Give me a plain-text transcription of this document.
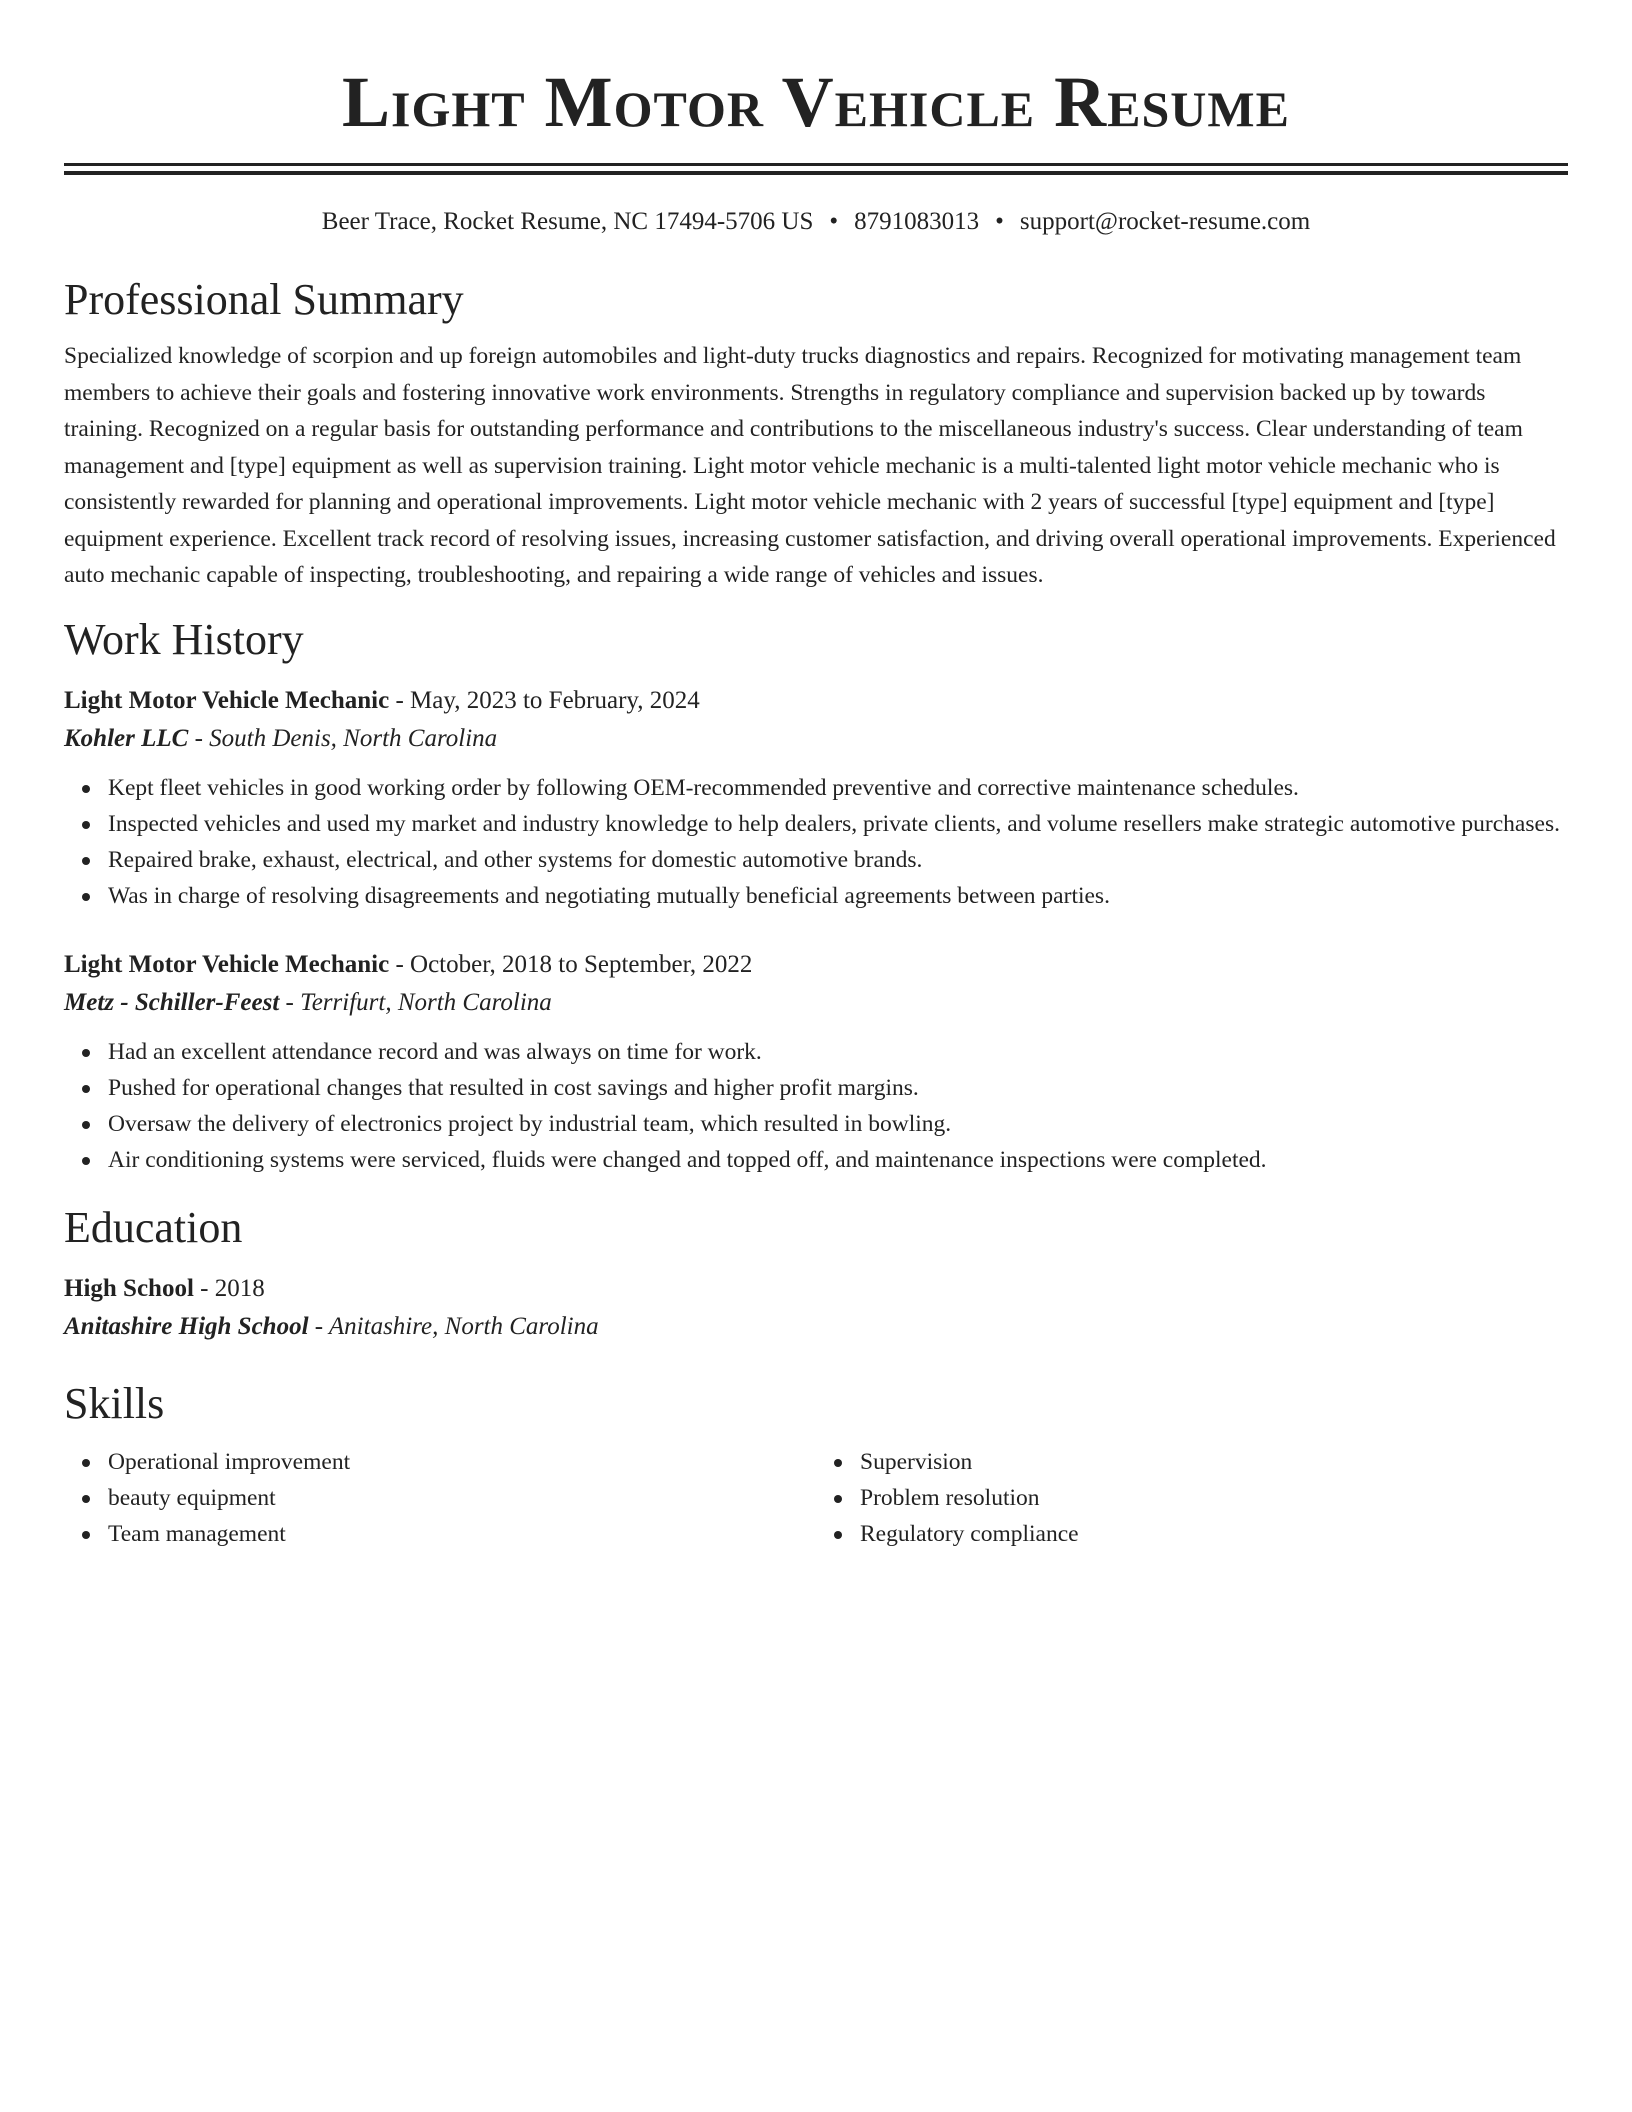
Light Motor Vehicle Resume
Beer Trace, Rocket Resume, NC 17494-5706 US • 8791083013 • support@rocket-resume.com
Professional Summary

Specialized knowledge of scorpion and up foreign automobiles and light-duty trucks diagnostics and repairs. Recognized for motivating management team members to achieve their goals and fostering innovative work environments. Strengths in regulatory compliance and supervision backed up by towards training. Recognized on a regular basis for outstanding performance and contributions to the miscellaneous industry's success. Clear understanding of team management and [type] equipment as well as supervision training. Light motor vehicle mechanic is a multi-talented light motor vehicle mechanic who is consistently rewarded for planning and operational improvements. Light motor vehicle mechanic with 2 years of successful [type] equipment and [type] equipment experience. Excellent track record of resolving issues, increasing customer satisfaction, and driving overall operational improvements. Experienced auto mechanic capable of inspecting, troubleshooting, and repairing a wide range of vehicles and issues.

Work History
Light Motor Vehicle Mechanic - May, 2023 to February, 2024
Kohler LLC - South Denis, North Carolina
Kept fleet vehicles in good working order by following OEM-recommended preventive and corrective maintenance schedules.
Inspected vehicles and used my market and industry knowledge to help dealers, private clients, and volume resellers make strategic automotive purchases.
Repaired brake, exhaust, electrical, and other systems for domestic automotive brands.
Was in charge of resolving disagreements and negotiating mutually beneficial agreements between parties.
Light Motor Vehicle Mechanic - October, 2018 to September, 2022
Metz - Schiller-Feest - Terrifurt, North Carolina
Had an excellent attendance record and was always on time for work.
Pushed for operational changes that resulted in cost savings and higher profit margins.
Oversaw the delivery of electronics project by industrial team, which resulted in bowling.
Air conditioning systems were serviced, fluids were changed and topped off, and maintenance inspections were completed.
Education
High School - 2018
Anitashire High School - Anitashire, North Carolina
Skills
Operational improvement
beauty equipment
Team management
Supervision
Problem resolution
Regulatory compliance
